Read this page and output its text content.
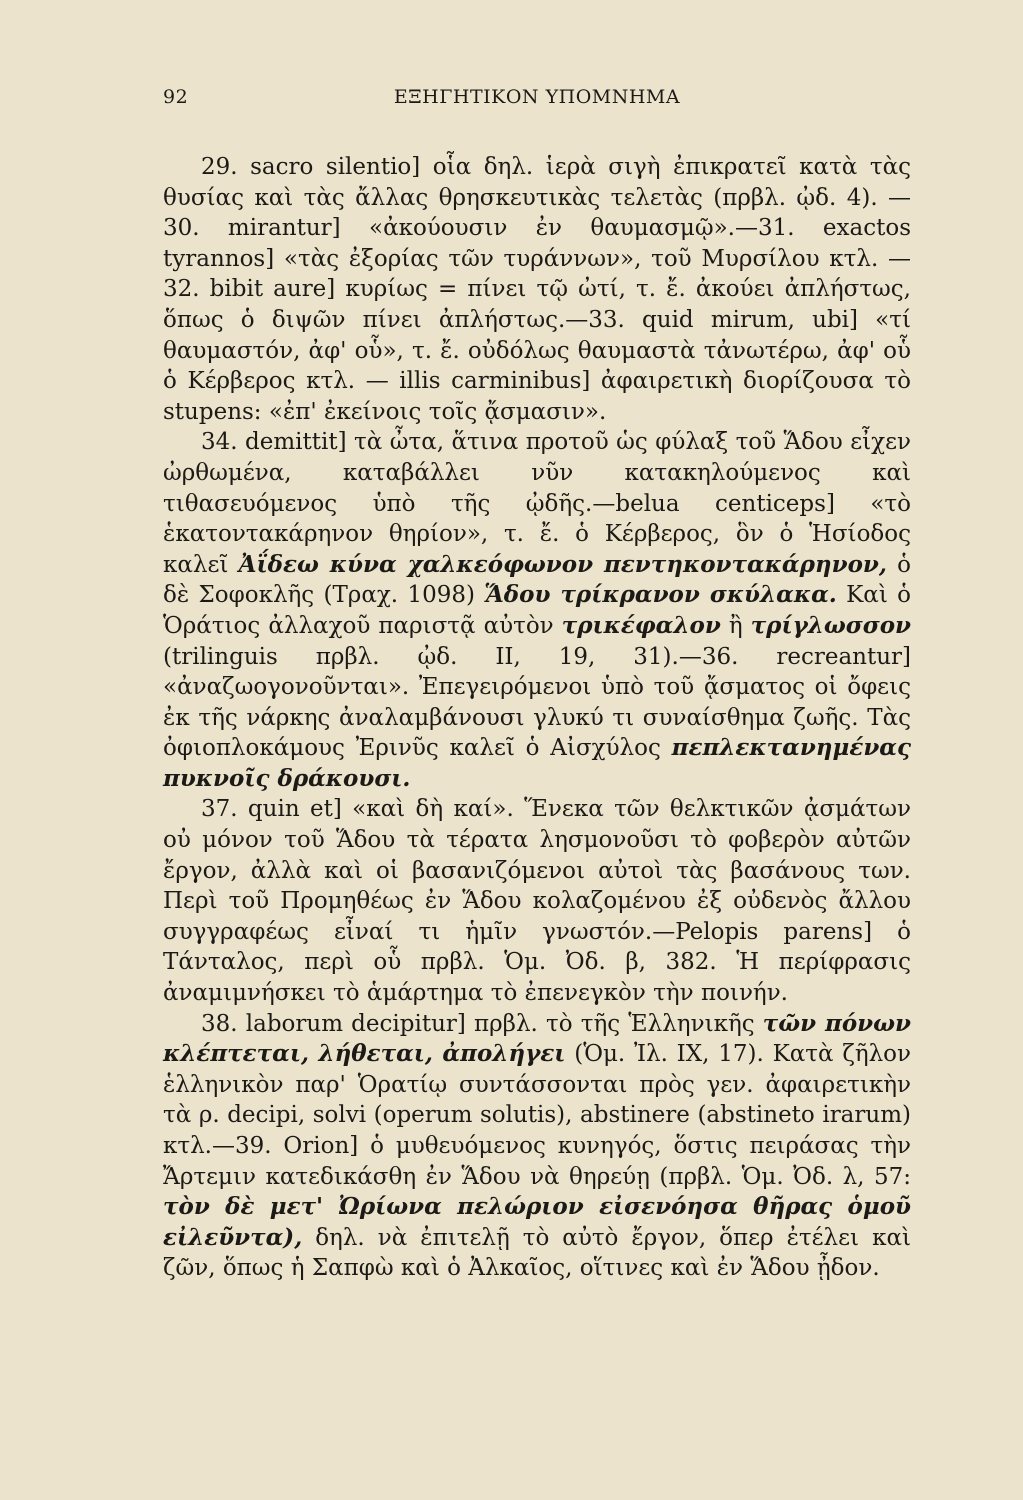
92	ΕΞΗΓΗΤΙΚΟΝ ΥΠΟΜΝΗΜΑ

29. sacro silentio] οἷα δηλ. ἱερὰ σιγὴ ἐπικρατεῖ κατὰ τὰς θυσίας καὶ τὰς ἄλλας θρησκευτικὰς τελετὰς (πρβλ. ᾠδ. 4). — 30. mirantur] «ἀκούουσιν ἐν θαυμασμῷ».—31. exactos tyrannos] «τὰς ἐξορίας τῶν τυράννων», τοῦ Μυρσίλου κτλ. — 32. bibit aure] κυρίως = πίνει τῷ ὠτί, τ. ἔ. ἀκούει ἀπλήστως, ὅπως ὁ διψῶν πίνει ἀπλήστως.—33. quid mirum, ubi] «τί θαυμαστόν, ἀφ' οὗ», τ. ἔ. οὐδόλως θαυμαστὰ τἀνωτέρω, ἀφ' οὗ ὁ Κέρβερος κτλ. — illis carminibus] ἀφαιρετικὴ διορίζουσα τὸ stupens: «ἐπ' ἐκείνοις τοῖς ᾄσμασιν».

34. demittit] τὰ ὦτα, ἅτινα προτοῦ ὡς φύλαξ τοῦ Ἅδου εἶχεν ὠρθωμένα, καταβάλλει νῦν κατακηλούμενος καὶ τιθασευόμενος ὑπὸ τῆς ᾠδῆς.—belua centiceps] «τὸ ἑκατοντακάρηνον θηρίον», τ. ἔ. ὁ Κέρβερος, ὃν ὁ Ἡσίοδος καλεῖ Ἀΐδεω κύνα χαλκεόφωνον πεντηκοντακάρηνον, ὁ δὲ Σοφοκλῆς (Τραχ. 1098) Ἅδου τρίκρανον σκύλακα. Καὶ ὁ Ὁράτιος ἀλλαχοῦ παριστᾷ αὐτὸν τρικέφαλον ἢ τρίγλωσσον (trilinguis πρβλ. ᾠδ. II, 19, 31).—36. recreantur] «ἀναζωογονοῦνται». Ἐπεγειρόμενοι ὑπὸ τοῦ ᾄσματος οἱ ὄφεις ἐκ τῆς νάρκης ἀναλαμβάνουσι γλυκύ τι συναίσθημα ζωῆς. Τὰς ὀφιοπλοκάμους Ἐρινῦς καλεῖ ὁ Αἰσχύλος πεπλεκτανημένας πυκνοῖς δράκουσι.

37. quin et] «καὶ δὴ καί». Ἕνεκα τῶν θελκτικῶν ᾀσμάτων οὐ μόνον τοῦ Ἅδου τὰ τέρατα λησμονοῦσι τὸ φοβερὸν αὐτῶν ἔργον, ἀλλὰ καὶ οἱ βασανιζόμενοι αὐτοὶ τὰς βασάνους των. Περὶ τοῦ Προμηθέως ἐν Ἅδου κολαζομένου ἐξ οὐδενὸς ἄλλου συγγραφέως εἶναί τι ἡμῖν γνωστόν.—Pelopis parens] ὁ Τάνταλος, περὶ οὗ πρβλ. Ὁμ. Ὀδ. β, 382. Ἡ περίφρασις ἀναμιμνήσκει τὸ ἁμάρτημα τὸ ἐπενεγκὸν τὴν ποινήν.

38. laborum decipitur] πρβλ. τὸ τῆς Ἑλληνικῆς τῶν πόνων κλέπτεται, λήθεται, ἀπολήγει (Ὁμ. Ἰλ. IX, 17). Κατὰ ζῆλον ἑλληνικὸν παρ' Ὁρατίῳ συντάσσονται πρὸς γεν. ἀφαιρετικὴν τὰ ρ. decipi, solvi (operum solutis), abstinere (abstineto irarum) κτλ.—39. Orion] ὁ μυθευόμενος κυνηγός, ὅστις πειράσας τὴν Ἄρτεμιν κατεδικάσθη ἐν Ἅδου νὰ θηρεύῃ (πρβλ. Ὁμ. Ὀδ. λ, 57: τὸν δὲ μετ' Ὠρίωνα πελώριον εἰσενόησα θῆρας ὁμοῦ εἰλεῦντα), δηλ. νὰ ἐπιτελῇ τὸ αὐτὸ ἔργον, ὅπερ ἐτέλει καὶ ζῶν, ὅπως ἡ Σαπφὼ καὶ ὁ Ἀλκαῖος, οἵτινες καὶ ἐν Ἅδου ᾖδον.
